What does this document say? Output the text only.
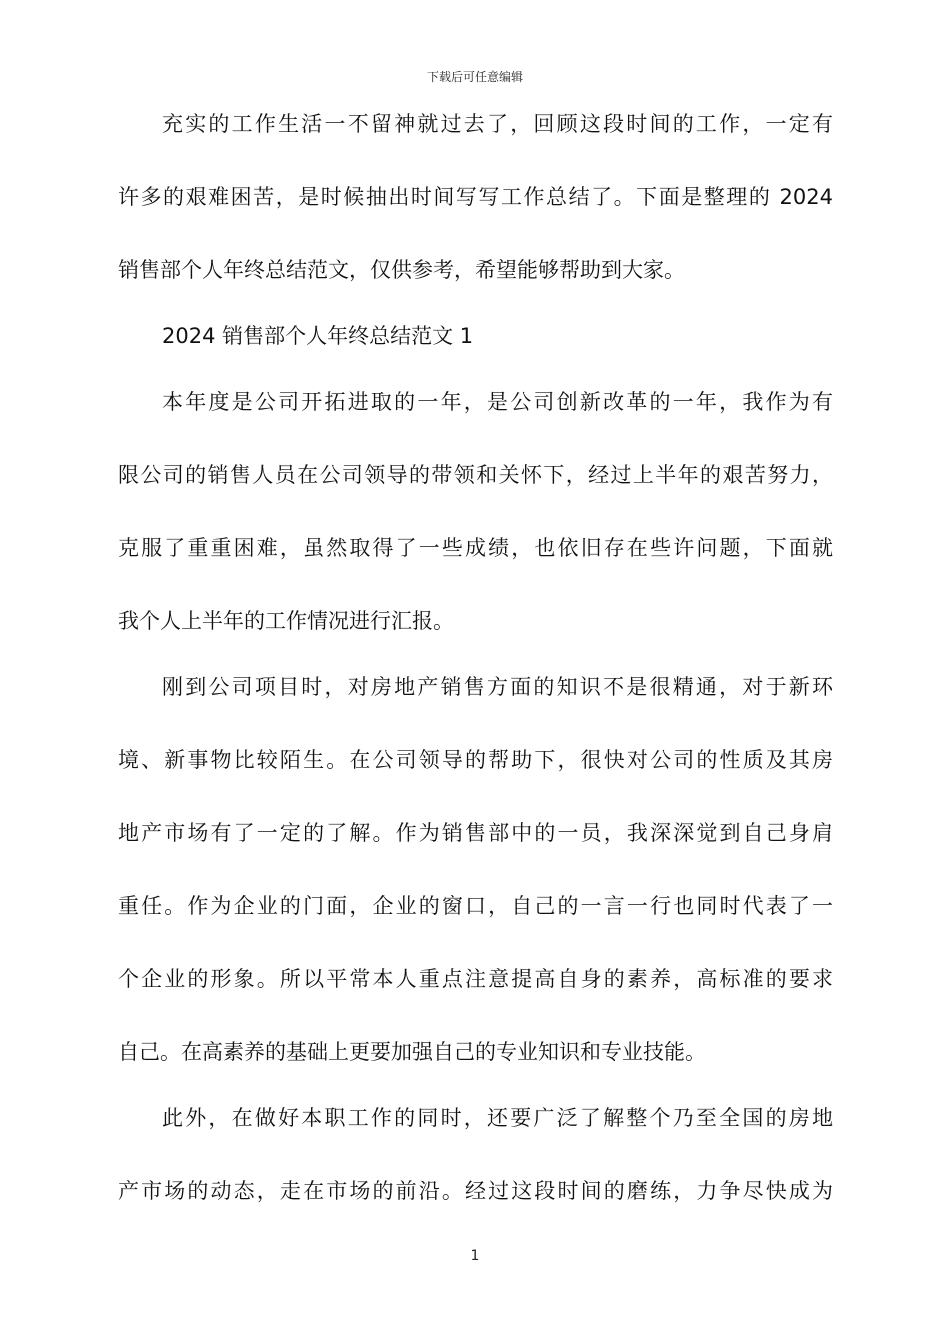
下载后可任意编辑
充实的工作生活一不留神就过去了，回顾这段时间的工作，一定有
许多的艰难困苦，是时候抽出时间写写工作总结了。下面是整理的 2024
销售部个人年终总结范文，仅供参考，希望能够帮助到大家。
2024 销售部个人年终总结范文 1
本年度是公司开拓进取的一年，是公司创新改革的一年，我作为有
限公司的销售人员在公司领导的带领和关怀下，经过上半年的艰苦努力，
克服了重重困难，虽然取得了一些成绩，也依旧存在些许问题，下面就
我个人上半年的工作情况进行汇报。
刚到公司项目时，对房地产销售方面的知识不是很精通，对于新环
境、新事物比较陌生。在公司领导的帮助下，很快对公司的性质及其房
地产市场有了一定的了解。作为销售部中的一员，我深深觉到自己身肩
重任。作为企业的门面，企业的窗口，自己的一言一行也同时代表了一
个企业的形象。所以平常本人重点注意提高自身的素养，高标准的要求
自己。在高素养的基础上更要加强自己的专业知识和专业技能。
此外，在做好本职工作的同时，还要广泛了解整个乃至全国的房地
产市场的动态，走在市场的前沿。经过这段时间的磨练，力争尽快成为
1
